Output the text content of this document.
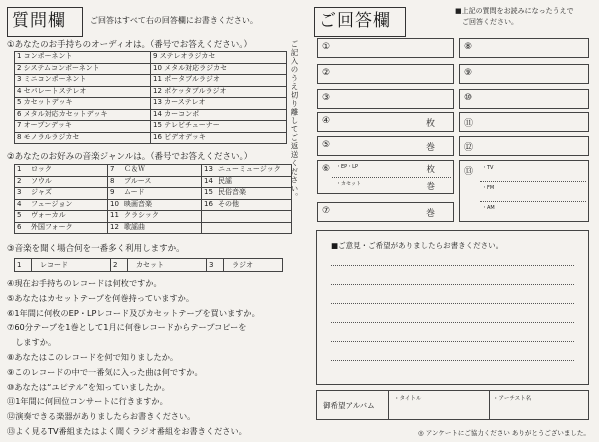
質問欄	ご回答はすべて右の回答欄にお書きください。
①あなたのお手持ちのオーディオは。（番号でお答えください。）
1 コンポーネント
2 システムコンポーネント
3 ミニコンポーネント
4 セパレートステレオ
5 カセットデッキ
6 メタル対応カセットデッキ
7 オープンデッキ
8 モノラルラジカセ
9 ステレオラジカセ
10 メタル対応ラジカセ
11 ポータブルラジオ
12 ポケッタブルラジオ
13 カーステレオ
14 カーコンポ
15 テレビチューナー
16 ビデオデッキ
②あなたのお好みの音楽ジャンルは。（番号でお答えください。）
1 ロック	7 Ｃ＆Ｗ	13 ニューミュージック
2 ソウル	8 ブルース	14 民謡
3 ジャズ	9 ムード	15 民俗音楽
4 フュージョン	10 映画音楽	16 その他
5 ヴォーカル	11 クラシック
6 外国フォーク	12 歌謡曲
③音楽を聞く場合何を一番多く利用しますか。
1	レコード	2	カセット	3	ラジオ
④現在お手持ちのレコードは何枚ですか。
⑤あなたはカセットテープを何巻持っていますか。
⑥1年間に何枚のEP・LPレコード及びカセットテープを買いますか。
⑦60分テープを1巻として1月に何巻レコードからテープコピーを
　しますか。
⑧あなたはこのレコードを何で知りましたか。
⑨このレコードの中で一番気に入った曲は何ですか。
⑩あなたは“ユピテル”を知っていましたか。
⑪1年間に何回位コンサートに行きますか。
⑫演奏できる楽器がありましたらお書きください。
⑬よく見るTV番組またはよく聞くラジオ番組をお書きください。
ご記入のうえ切り離してご返送ください。
ご回答欄	■上記の質問をお読みになったうえで
　ご回答ください。
①
②
③
④	枚
⑤	巻
⑥ ・EP・LP	枚
・カセット	巻
⑦	巻
⑧
⑨
⑩
⑪
⑫
⑬ ・TV
・FM
・AM
■ご意見・ご希望がありましたらお書きください。
御希望アルバム
・タイトル	・アーチスト名
◎ アンケートにご協力ください ありがとうございました。
